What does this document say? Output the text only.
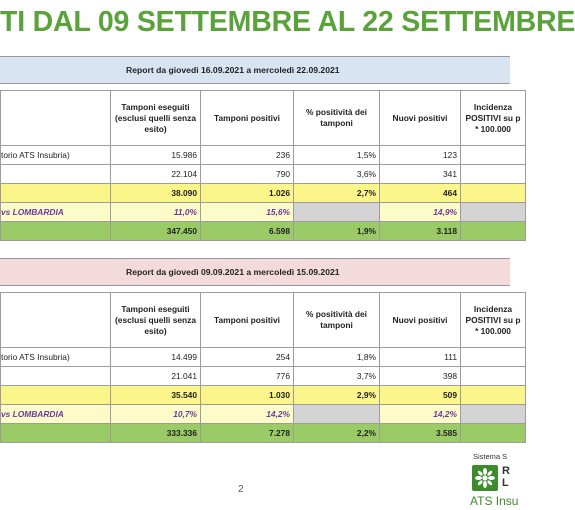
TI DAL 09 SETTEMBRE AL 22 SETTEMBRE
Report da giovedì 16.09.2021 a mercoledì 22.09.2021
	Tamponi eseguiti (esclusi quelli senza esito)	Tamponi positivi	% positività dei tamponi	Nuovi positivi	Incidenza POSITIVI su p * 100.000
torio ATS Insubria)	15.986	236	1,5%	123	
	22.104	790	3,6%	341	
	38.090	1.026	2,7%	464	
vs LOMBARDIA	11,0%	15,6%		14,9%	
	347.450	6.598	1,9%	3.118	
Report da giovedì 09.09.2021 a mercoledì 15.09.2021
	Tamponi eseguiti (esclusi quelli senza esito)	Tamponi positivi	% positività dei tamponi	Nuovi positivi	Incidenza POSITIVI su p * 100.000
torio ATS Insubria)	14.499	254	1,8%	111	
	21.041	776	3,7%	398	
	35.540	1.030	2,9%	509	
vs LOMBARDIA	10,7%	14,2%		14,2%	
	333.336	7.278	2,2%	3.585	
2
Sistema S
R
L
ATS Insu
